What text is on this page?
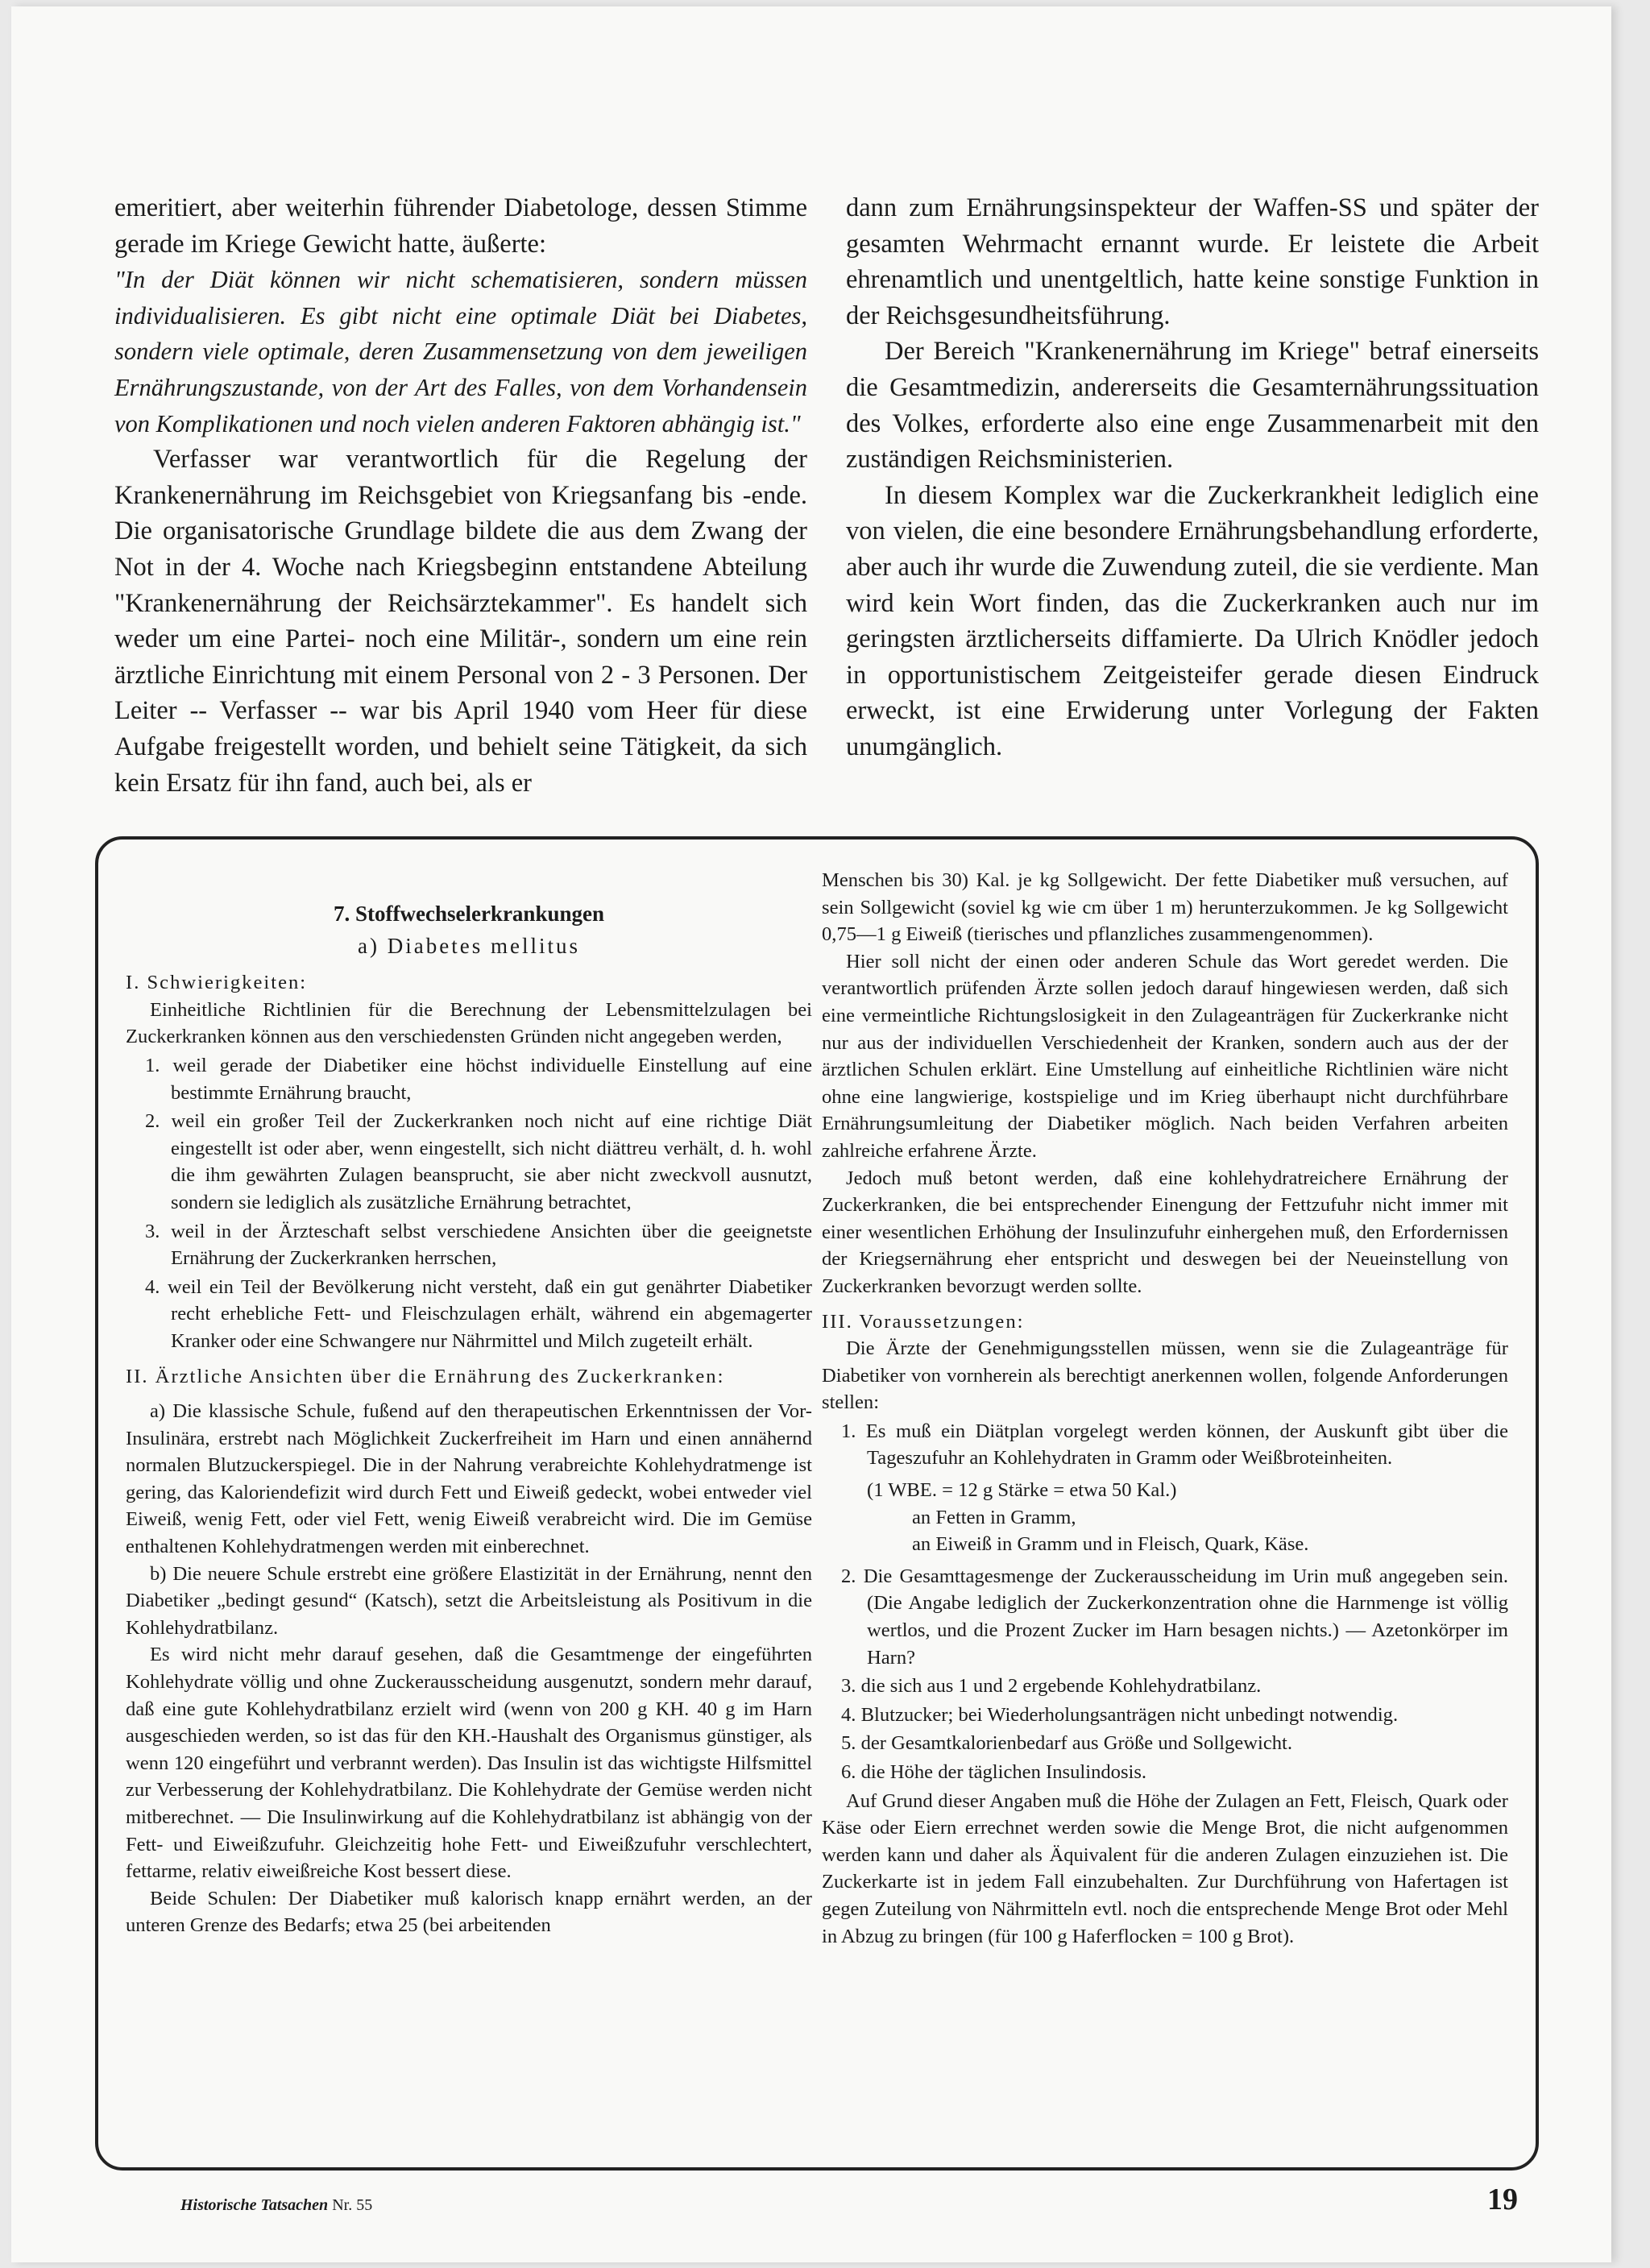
emeritiert, aber weiterhin führender Diabetologe, dessen Stimme gerade im Kriege Gewicht hatte, äußerte:

"In der Diät können wir nicht schematisieren, sondern müssen individualisieren. Es gibt nicht eine optimale Diät bei Diabetes, sondern viele optimale, deren Zusammensetzung von dem jeweiligen Ernährungszustande, von der Art des Falles, von dem Vorhandensein von Komplikationen und noch vielen anderen Faktoren abhängig ist."

Verfasser war verantwortlich für die Regelung der Krankenernährung im Reichsgebiet von Kriegsanfang bis -ende. Die organisatorische Grundlage bildete die aus dem Zwang der Not in der 4. Woche nach Kriegsbeginn entstandene Abteilung "Krankenernährung der Reichsärztekammer". Es handelt sich weder um eine Partei- noch eine Militär-, sondern um eine rein ärztliche Einrichtung mit einem Personal von 2 - 3 Personen. Der Leiter -- Verfasser -- war bis April 1940 vom Heer für diese Aufgabe freigestellt worden, und behielt seine Tätigkeit, da sich kein Ersatz für ihn fand, auch bei, als er

dann zum Ernährungsinspekteur der Waffen-SS und später der gesamten Wehrmacht ernannt wurde. Er leistete die Arbeit ehrenamtlich und unentgeltlich, hatte keine sonstige Funktion in der Reichsgesundheitsführung.

Der Bereich "Krankenernährung im Kriege" betraf einerseits die Gesamtmedizin, andererseits die Gesamternährungssituation des Volkes, erforderte also eine enge Zusammenarbeit mit den zuständigen Reichsministerien.

In diesem Komplex war die Zuckerkrankheit lediglich eine von vielen, die eine besondere Ernährungsbehandlung erforderte, aber auch ihr wurde die Zuwendung zuteil, die sie verdiente. Man wird kein Wort finden, das die Zuckerkranken auch nur im geringsten ärztlicherseits diffamierte. Da Ulrich Knödler jedoch in opportunistischem Zeitgeisteifer gerade diesen Eindruck erweckt, ist eine Erwiderung unter Vorlegung der Fakten unumgänglich.

7. Stoffwechselerkrankungen
a) Diabetes mellitus

I. Schwierigkeiten:

Einheitliche Richtlinien für die Berechnung der Lebensmittelzulagen bei Zuckerkranken können aus den verschiedensten Gründen nicht angegeben werden,

1. weil gerade der Diabetiker eine höchst individuelle Einstellung auf eine bestimmte Ernährung braucht,

2. weil ein großer Teil der Zuckerkranken noch nicht auf eine richtige Diät eingestellt ist oder aber, wenn eingestellt, sich nicht diättreu verhält, d. h. wohl die ihm gewährten Zulagen beansprucht, sie aber nicht zweckvoll ausnutzt, sondern sie lediglich als zusätzliche Ernährung betrachtet,

3. weil in der Ärzteschaft selbst verschiedene Ansichten über die geeignetste Ernährung der Zuckerkranken herrschen,

4. weil ein Teil der Bevölkerung nicht versteht, daß ein gut genährter Diabetiker recht erhebliche Fett- und Fleischzulagen erhält, während ein abgemagerter Kranker oder eine Schwangere nur Nährmittel und Milch zugeteilt erhält.

II. Ärztliche Ansichten über die Ernährung des Zuckerkranken:

a) Die klassische Schule, fußend auf den therapeutischen Erkenntnissen der Vor-Insulinära, erstrebt nach Möglichkeit Zuckerfreiheit im Harn und einen annähernd normalen Blutzuckerspiegel. Die in der Nahrung verabreichte Kohlehydratmenge ist gering, das Kaloriendefizit wird durch Fett und Eiweiß gedeckt, wobei entweder viel Eiweiß, wenig Fett, oder viel Fett, wenig Eiweiß verabreicht wird. Die im Gemüse enthaltenen Kohlehydratmengen werden mit einberechnet.

b) Die neuere Schule erstrebt eine größere Elastizität in der Ernährung, nennt den Diabetiker „bedingt gesund“ (Katsch), setzt die Arbeitsleistung als Positivum in die Kohlehydratbilanz.

Es wird nicht mehr darauf gesehen, daß die Gesamtmenge der eingeführten Kohlehydrate völlig und ohne Zuckerausscheidung ausgenutzt, sondern mehr darauf, daß eine gute Kohlehydratbilanz erzielt wird (wenn von 200 g KH. 40 g im Harn ausgeschieden werden, so ist das für den KH.-Haushalt des Organismus günstiger, als wenn 120 eingeführt und verbrannt werden). Das Insulin ist das wichtigste Hilfsmittel zur Verbesserung der Kohlehydratbilanz. Die Kohlehydrate der Gemüse werden nicht mitberechnet. — Die Insulinwirkung auf die Kohlehydratbilanz ist abhängig von der Fett- und Eiweißzufuhr. Gleichzeitig hohe Fett- und Eiweißzufuhr verschlechtert, fettarme, relativ eiweißreiche Kost bessert diese.

Beide Schulen: Der Diabetiker muß kalorisch knapp ernährt werden, an der unteren Grenze des Bedarfs; etwa 25 (bei arbeitenden

Menschen bis 30) Kal. je kg Sollgewicht. Der fette Diabetiker muß versuchen, auf sein Sollgewicht (soviel kg wie cm über 1 m) herunterzukommen. Je kg Sollgewicht 0,75—1 g Eiweiß (tierisches und pflanzliches zusammengenommen).

Hier soll nicht der einen oder anderen Schule das Wort geredet werden. Die verantwortlich prüfenden Ärzte sollen jedoch darauf hingewiesen werden, daß sich eine vermeintliche Richtungslosigkeit in den Zulageanträgen für Zuckerkranke nicht nur aus der individuellen Verschiedenheit der Kranken, sondern auch aus der der ärztlichen Schulen erklärt. Eine Umstellung auf einheitliche Richtlinien wäre nicht ohne eine langwierige, kostspielige und im Krieg überhaupt nicht durchführbare Ernährungsumleitung der Diabetiker möglich. Nach beiden Verfahren arbeiten zahlreiche erfahrene Ärzte.

Jedoch muß betont werden, daß eine kohlehydratreichere Ernährung der Zuckerkranken, die bei entsprechender Einengung der Fettzufuhr nicht immer mit einer wesentlichen Erhöhung der Insulinzufuhr einhergehen muß, den Erfordernissen der Kriegsernährung eher entspricht und deswegen bei der Neueinstellung von Zuckerkranken bevorzugt werden sollte.

III. Voraussetzungen:

Die Ärzte der Genehmigungsstellen müssen, wenn sie die Zulageanträge für Diabetiker von vornherein als berechtigt anerkennen wollen, folgende Anforderungen stellen:

1. Es muß ein Diätplan vorgelegt werden können, der Auskunft gibt über die Tageszufuhr an Kohlehydraten in Gramm oder Weißbroteinheiten.

(1 WBE. = 12 g Stärke = etwa 50 Kal.)
an Fetten in Gramm,
an Eiweiß in Gramm und in Fleisch, Quark, Käse.

2. Die Gesamttagesmenge der Zuckerausscheidung im Urin muß angegeben sein. (Die Angabe lediglich der Zuckerkonzentration ohne die Harnmenge ist völlig wertlos, und die Prozent Zucker im Harn besagen nichts.) — Azetonkörper im Harn?

3. die sich aus 1 und 2 ergebende Kohlehydratbilanz.

4. Blutzucker; bei Wiederholungsanträgen nicht unbedingt notwendig.

5. der Gesamtkalorienbedarf aus Größe und Sollgewicht.

6. die Höhe der täglichen Insulindosis.

Auf Grund dieser Angaben muß die Höhe der Zulagen an Fett, Fleisch, Quark oder Käse oder Eiern errechnet werden sowie die Menge Brot, die nicht aufgenommen werden kann und daher als Äquivalent für die anderen Zulagen einzuziehen ist. Die Zuckerkarte ist in jedem Fall einzubehalten. Zur Durchführung von Hafertagen ist gegen Zuteilung von Nährmitteln evtl. noch die entsprechende Menge Brot oder Mehl in Abzug zu bringen (für 100 g Haferflocken = 100 g Brot).

Historische Tatsachen Nr. 55	19
